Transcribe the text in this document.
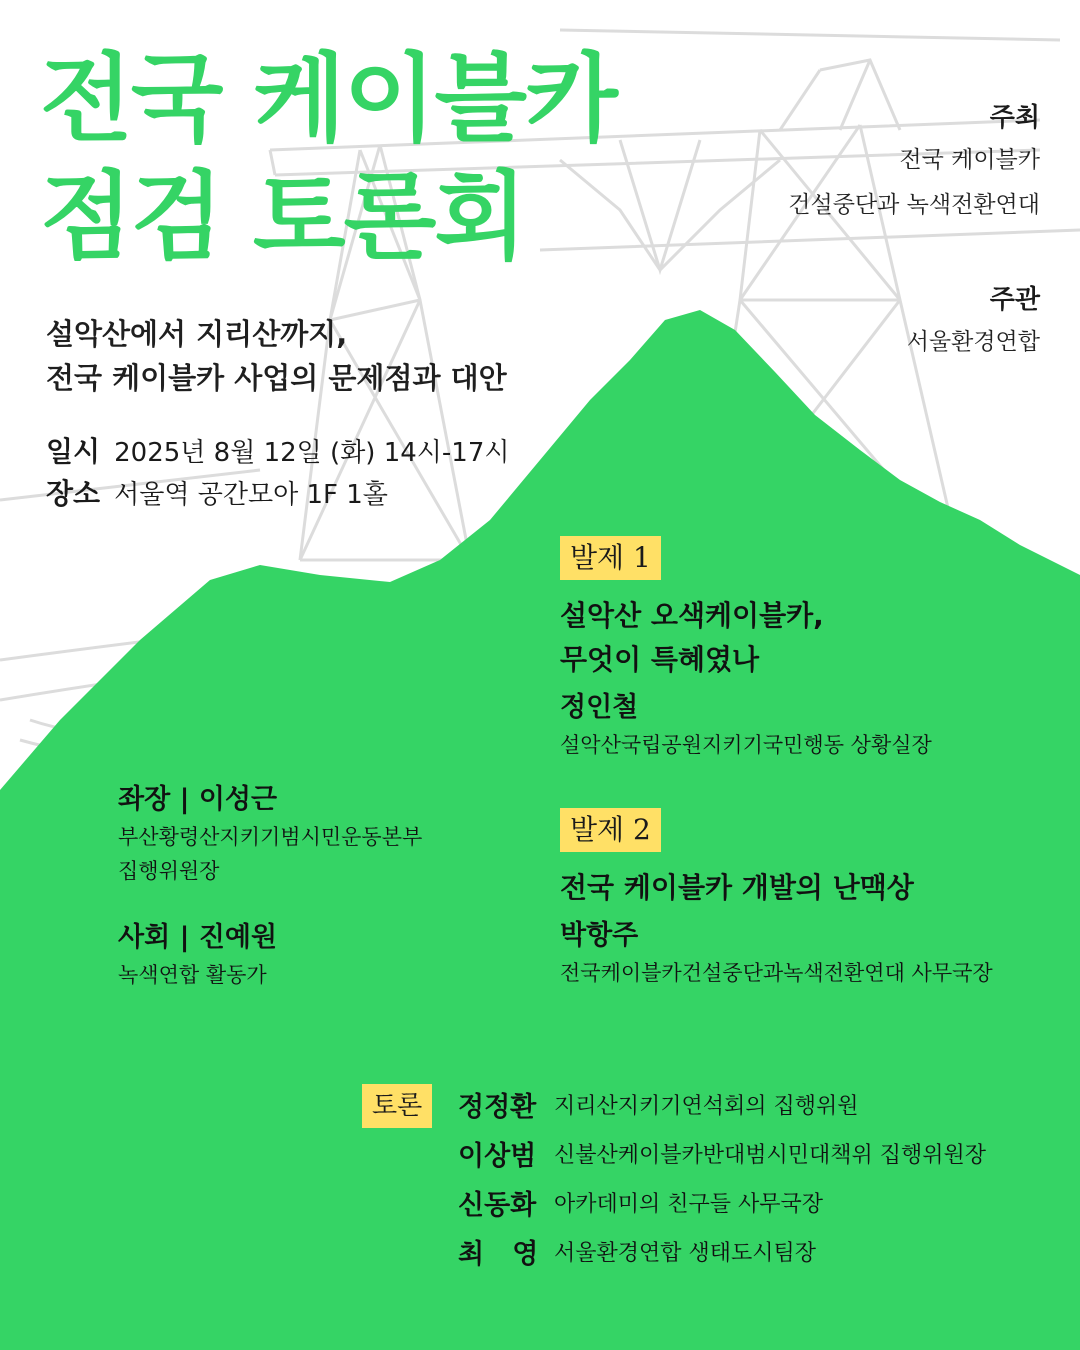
전국 케이블카
점검 토론회
설악산에서 지리산까지,
전국 케이블카 사업의 문제점과 대안
일시 2025년 8월 12일 (화) 14시-17시
장소 서울역 공간모아 1F 1홀
주최
전국 케이블카
건설중단과 녹색전환연대
주관
서울환경연합
발제 1
설악산 오색케이블카,
무엇이 특혜였나
정인철
설악산국립공원지키기국민행동 상황실장
발제 2
전국 케이블카 개발의 난맥상
박항주
전국케이블카건설중단과녹색전환연대 사무국장
좌장 | 이성근
부산황령산지키기범시민운동본부
집행위원장
사회 | 진예원
녹색연합 활동가
토론	정정환 지리산지키기연석회의 집행위원
이상범 신불산케이블카반대범시민대책위 집행위원장
신동화 아카데미의 친구들 사무국장
최   영 서울환경연합 생태도시팀장
